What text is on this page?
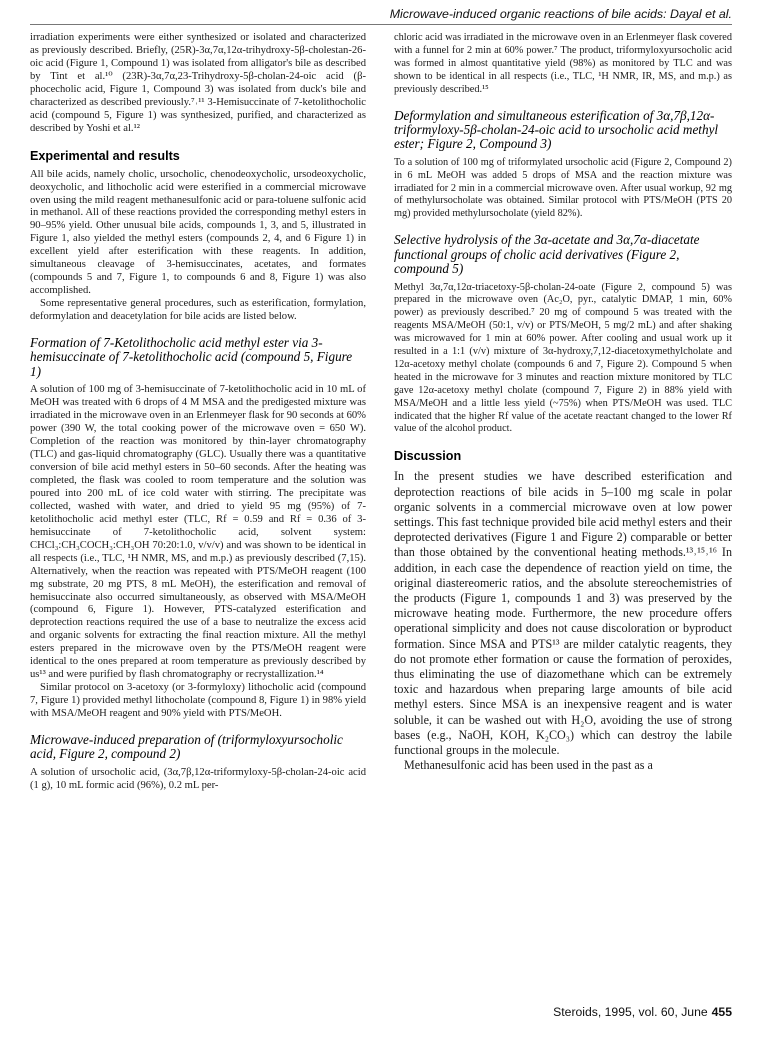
Microwave-induced organic reactions of bile acids: Dayal et al.

irradiation experiments were either synthesized or isolated and characterized as previously described. Briefly, (25R)-3α,7α,12α-trihydroxy-5β-cholestan-26-oic acid (Figure 1, Compound 1) was isolated from alligator's bile as described by Tint et al.¹⁰ (23R)-3α,7α,23-Trihydroxy-5β-cholan-24-oic acid (β-phocecholic acid, Figure 1, Compound 3) was isolated from duck's bile and characterized as described previously.⁷˒¹¹ 3-Hemisuccinate of 7-ketolithocholic acid (compound 5, Figure 1) was synthesized, purified, and characterized as described by Yoshi et al.¹²

Experimental and results

All bile acids, namely cholic, ursocholic, chenodeoxycholic, ursodeoxycholic, deoxycholic, and lithocholic acid were esterified in a commercial microwave oven using the mild reagent methanesulfonic acid or para-toluene sulfonic acid in methanol. All of these reactions provided the corresponding methyl esters in 90–95% yield. Other unusual bile acids, compounds 1, 3, and 5, illustrated in Figure 1, also yielded the methyl esters (compounds 2, 4, and 6 Figure 1) in excellent yield after esterification with these reagents. In addition, simultaneous cleavage of 3-hemisuccinates, acetates, and formates (compounds 5 and 7, Figure 1, to compounds 6 and 8, Figure 1) was also accomplished.

Some representative general procedures, such as esterification, formylation, deformylation and deacetylation for bile acids are listed below.

Formation of 7-Ketolithocholic acid methyl ester via 3-hemisuccinate of 7-ketolithocholic acid (compound 5, Figure 1)

A solution of 100 mg of 3-hemisuccinate of 7-ketolithocholic acid in 10 mL of MeOH was treated with 6 drops of 4 M MSA and the predigested mixture was irradiated in the microwave oven in an Erlenmeyer flask for 90 seconds at 60% power (390 W, the total cooking power of the microwave oven = 650 W). Completion of the reaction was monitored by thin-layer chromatography (TLC) and gas-liquid chromatography (GLC). Usually there was a quantitative conversion of bile acid methyl esters in 50–60 seconds. After the heating was completed, the flask was cooled to room temperature and the solution was poured into 200 mL of ice cold water with stirring. The precipitate was collected, washed with water, and dried to yield 95 mg (95%) of 7-ketolithocholic acid methyl ester (TLC, Rf = 0.59 and Rf = 0.36 of 3-hemisuccinate of 7-ketolithocholic acid, solvent system: CHCl₃:CH₃COCH₃:CH₃OH 70:20:1.0, v/v/v) and was shown to be identical in all respects (i.e., TLC, ¹H NMR, MS, and m.p.) as previously described (7,15). Alternatively, when the reaction was repeated with PTS/MeOH reagent (100 mg substrate, 20 mg PTS, 8 mL MeOH), the esterification and removal of hemisuccinate also occurred simultaneously, as observed with MSA/MeOH (compound 6, Figure 1). However, PTS-catalyzed esterification and deprotection reactions required the use of a base to neutralize the excess acid and organic solvents for extracting the final reaction mixture. All the methyl esters prepared in the microwave oven by the PTS/MeOH reagent were identical to the ones prepared at room temperature as previously described by us¹³ and were purified by flash chromatography or recrystallization.¹⁴

Similar protocol on 3-acetoxy (or 3-formyloxy) lithocholic acid (compound 7, Figure 1) provided methyl lithocholate (compound 8, Figure 1) in 98% yield with MSA/MeOH reagent and 90% yield with PTS/MeOH.

Microwave-induced preparation of (triformyloxyursocholic acid, Figure 2, compound 2)

A solution of ursocholic acid, (3α,7β,12α-triformyloxy-5β-cholan-24-oic acid (1 g), 10 mL formic acid (96%), 0.2 mL per-

chloric acid was irradiated in the microwave oven in an Erlenmeyer flask covered with a funnel for 2 min at 60% power.⁷ The product, triformyloxyursocholic acid was formed in almost quantitative yield (98%) as monitored by TLC and was shown to be identical in all respects (i.e., TLC, ¹H NMR, IR, MS, and m.p.) as previously described.¹⁵

Deformylation and simultaneous esterification of 3α,7β,12α-triformyloxy-5β-cholan-24-oic acid to ursocholic acid methyl ester; Figure 2, Compound 3)

To a solution of 100 mg of triformylated ursocholic acid (Figure 2, Compound 2) in 6 mL MeOH was added 5 drops of MSA and the reaction mixture was irradiated for 2 min in a commercial microwave oven. After usual workup, 92 mg of methylursocholate was obtained. Similar protocol with PTS/MeOH (PTS 20 mg) provided methylursocholate (yield 82%).

Selective hydrolysis of the 3α-acetate and 3α,7α-diacetate functional groups of cholic acid derivatives (Figure 2, compound 5)

Methyl 3α,7α,12α-triacetoxy-5β-cholan-24-oate (Figure 2, compound 5) was prepared in the microwave oven (Ac₂O, pyr., catalytic DMAP, 1 min, 60% power) as previously described.⁷ 20 mg of compound 5 was treated with the reagents MSA/MeOH (50:1, v/v) or PTS/MeOH, 5 mg/2 mL) and after shaking was microwaved for 1 min at 60% power. After cooling and usual work up it resulted in a 1:1 (v/v) mixture of 3α-hydroxy,7,12-diacetoxymethylcholate and 12α-acetoxy methyl cholate (compounds 6 and 7, Figure 2). Compound 5 when heated in the microwave for 3 minutes and reaction mixture monitored by TLC gave 12α-acetoxy methyl cholate (compound 7, Figure 2) in 88% yield with MSA/MeOH and a little less yield (~75%) when PTS/MeOH was used. TLC indicated that the higher Rf value of the acetate reactant changed to the lower Rf value of the alcohol product.

Discussion

In the present studies we have described esterification and deprotection reactions of bile acids in 5–100 mg scale in polar organic solvents in a commercial microwave oven at low power settings. This fast technique provided bile acid methyl esters and their deprotected derivatives (Figure 1 and Figure 2) comparable or better than those obtained by the conventional heating methods.¹³˒¹⁵˒¹⁶ In addition, in each case the dependence of reaction yield on time, the original diastereomeric ratios, and the absolute stereochemistries of the products (Figure 1, compounds 1 and 3) was preserved by the microwave heating mode. Furthermore, the new procedure offers operational simplicity and does not cause discoloration or byproduct formation. Since MSA and PTS¹³ are milder catalytic reagents, they do not promote ether formation or cause the formation of peroxides, thus eliminating the use of diazomethane which can be extremely toxic and hazardous when preparing large amounts of bile acid methyl esters. Since MSA is an inexpensive reagent and is water soluble, it can be washed out with H₂O, avoiding the use of strong bases (e.g., NaOH, KOH, K₂CO₃) which can destroy the labile functional groups in the molecule.

Methanesulfonic acid has been used in the past as a

Steroids, 1995, vol. 60, June 455
